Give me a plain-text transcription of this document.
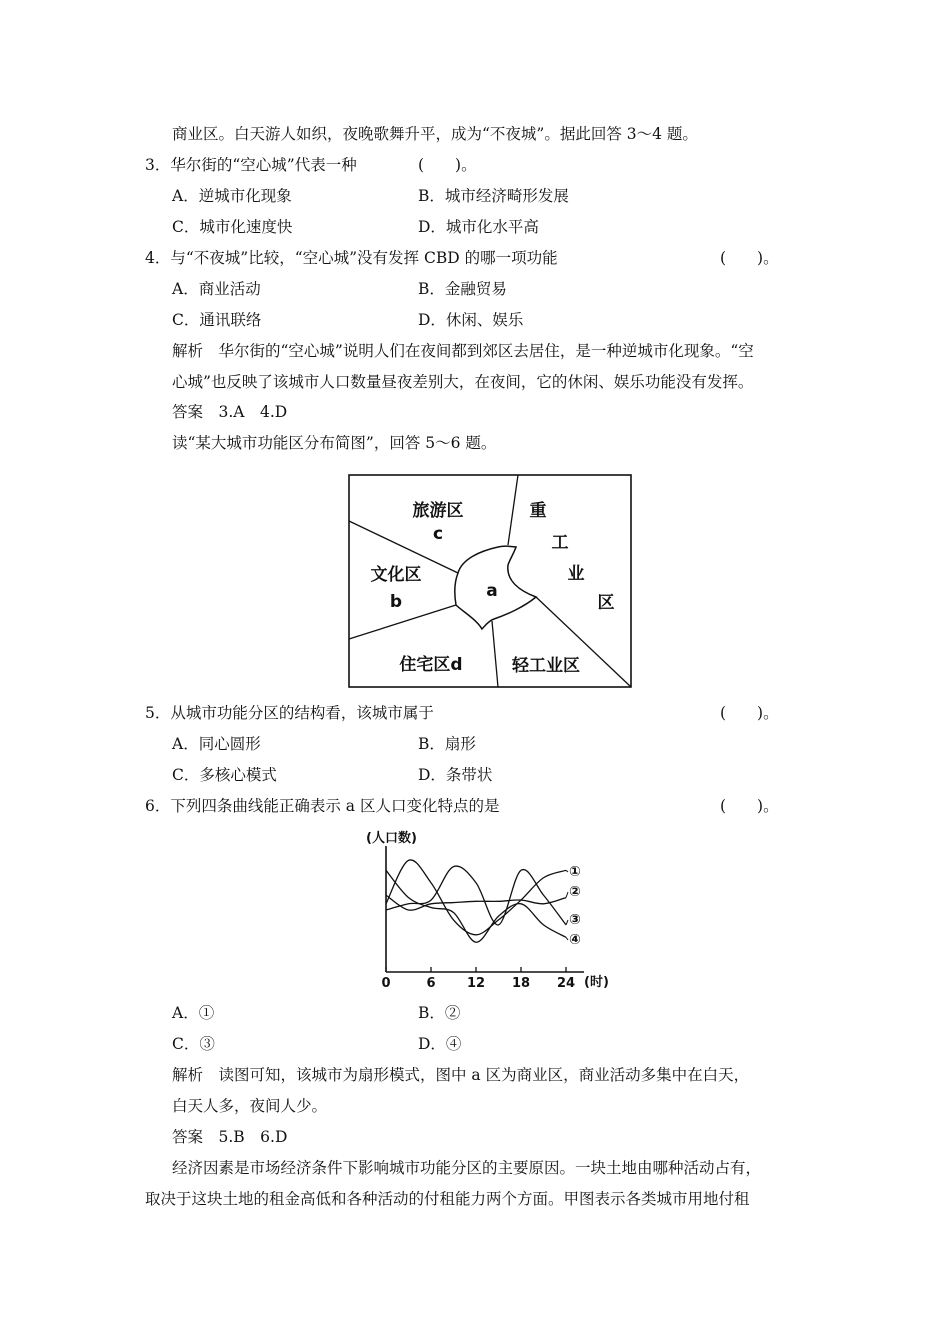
商业区。白天游人如织，夜晚歌舞升平，成为“不夜城”。据此回答 3～4 题。
3．华尔街的“空心城”代表一种	(　　)。
A．逆城市化现象	B．城市经济畸形发展
C．城市化速度快	D．城市化水平高
4．与“不夜城”比较，“空心城”没有发挥 CBD 的哪一项功能	(　　)。
A．商业活动	B．金融贸易
C．通讯联络	D．休闲、娱乐
解析　华尔街的“空心城”说明人们在夜间都到郊区去居住，是一种逆城市化现象。“空
心城”也反映了该城市人口数量昼夜差别大，在夜间，它的休闲、娱乐功能没有发挥。
答案　3.A　4.D
读“某大城市功能区分布简图”，回答 5～6 题。
旅游区
c
文化区
b
a
住宅区d	轻工业区
重
工
业
区
5．从城市功能分区的结构看，该城市属于	(　　)。
A．同心圆形	B．扇形
C．多核心模式	D．条带状
6．下列四条曲线能正确表示 a 区人口变化特点的是	(　　)。
(人口数)
(时)
①
②
③
④
0	6 12 18 24
A．①	B．②
C．③	D．④
解析　读图可知，该城市为扇形模式，图中 a 区为商业区，商业活动多集中在白天，
白天人多，夜间人少。
答案　5.B　6.D
经济因素是市场经济条件下影响城市功能分区的主要原因。一块土地由哪种活动占有，
取决于这块土地的租金高低和各种活动的付租能力两个方面。甲图表示各类城市用地付租
